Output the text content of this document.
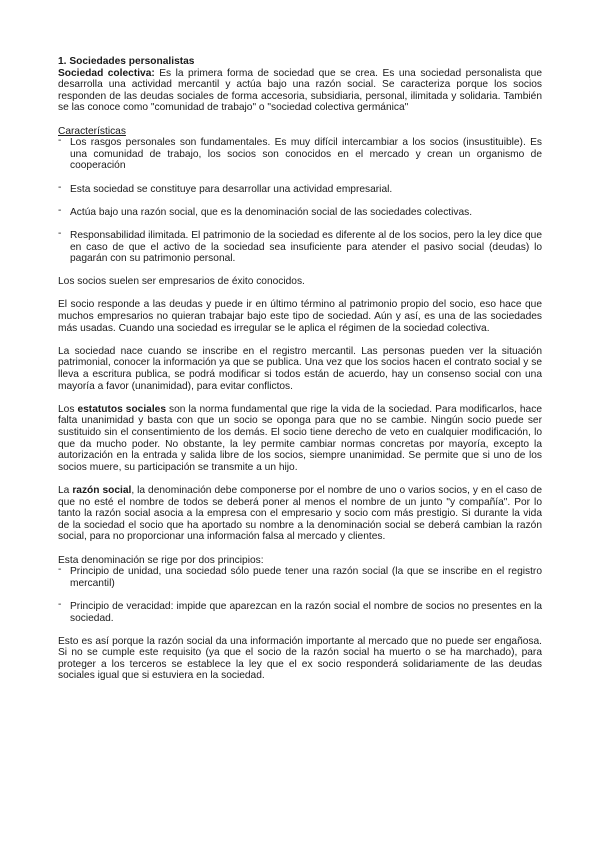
1. Sociedades personalistas

Sociedad colectiva: Es la primera forma de sociedad que se crea. Es una sociedad personalista que desarrolla una actividad mercantil y actúa bajo una razón social. Se caracteriza porque los socios responden de las deudas sociales de forma accesoria, subsidiaria, personal, ilimitada y solidaria. También se las conoce como "comunidad de trabajo" o "sociedad colectiva germánica"

Características

- Los rasgos personales son fundamentales. Es muy difícil intercambiar a los socios (insustituible). Es una comunidad de trabajo, los socios son conocidos en el mercado y crean un organismo de cooperación

- Esta sociedad se constituye para desarrollar una actividad empresarial.

- Actúa bajo una razón social, que es la denominación social de las sociedades colectivas.

- Responsabilidad ilimitada. El patrimonio de la sociedad es diferente al de los socios, pero la ley dice que en caso de que el activo de la sociedad sea insuficiente para atender el pasivo social (deudas) lo pagarán con su patrimonio personal.

Los socios suelen ser empresarios de éxito conocidos.

El socio responde a las deudas y puede ir en último término al patrimonio propio del socio, eso hace que muchos empresarios no quieran trabajar bajo este tipo de sociedad. Aún y así, es una de las sociedades más usadas. Cuando una sociedad es irregular se le aplica el régimen de la sociedad colectiva.

La sociedad nace cuando se inscribe en el registro mercantil. Las personas pueden ver la situación patrimonial, conocer la información ya que se publica. Una vez que los socios hacen el contrato social y se lleva a escritura publica, se podrá modificar si todos están de acuerdo, hay un consenso social con una mayoría a favor (unanimidad), para evitar conflictos.

Los estatutos sociales son la norma fundamental que rige la vida de la sociedad. Para modificarlos, hace falta unanimidad y basta con que un socio se oponga para que no se cambie. Ningún socio puede ser sustituido sin el consentimiento de los demás. El socio tiene derecho de veto en cualquier modificación, lo que da mucho poder. No obstante, la ley permite cambiar normas concretas por mayoría, excepto la autorización en la entrada y salida libre de los socios, siempre unanimidad. Se permite que si uno de los socios muere, su participación se transmite a un hijo.

La razón social, la denominación debe componerse por el nombre de uno o varios socios, y en el caso de que no esté el nombre de todos se deberá poner al menos el nombre de un junto "y compañía". Por lo tanto la razón social asocia a la empresa con el empresario y socio com más prestigio. Si durante la vida de la sociedad el socio que ha aportado su nombre a la denominación social se deberá cambian la razón social, para no proporcionar una información falsa al mercado y clientes.

Esta denominación se rige por dos principios:

- Principio de unidad, una sociedad sólo puede tener una razón social (la que se inscribe en el registro mercantil)

- Principio de veracidad: impide que aparezcan en la razón social el nombre de socios no presentes en la sociedad.

Esto es así porque la razón social da una información importante al mercado que no puede ser engañosa. Si no se cumple este requisito (ya que el socio de la razón social ha muerto o se ha marchado), para proteger a los terceros se establece la ley que el ex socio responderá solidariamente de las deudas sociales igual que si estuviera en la sociedad.
